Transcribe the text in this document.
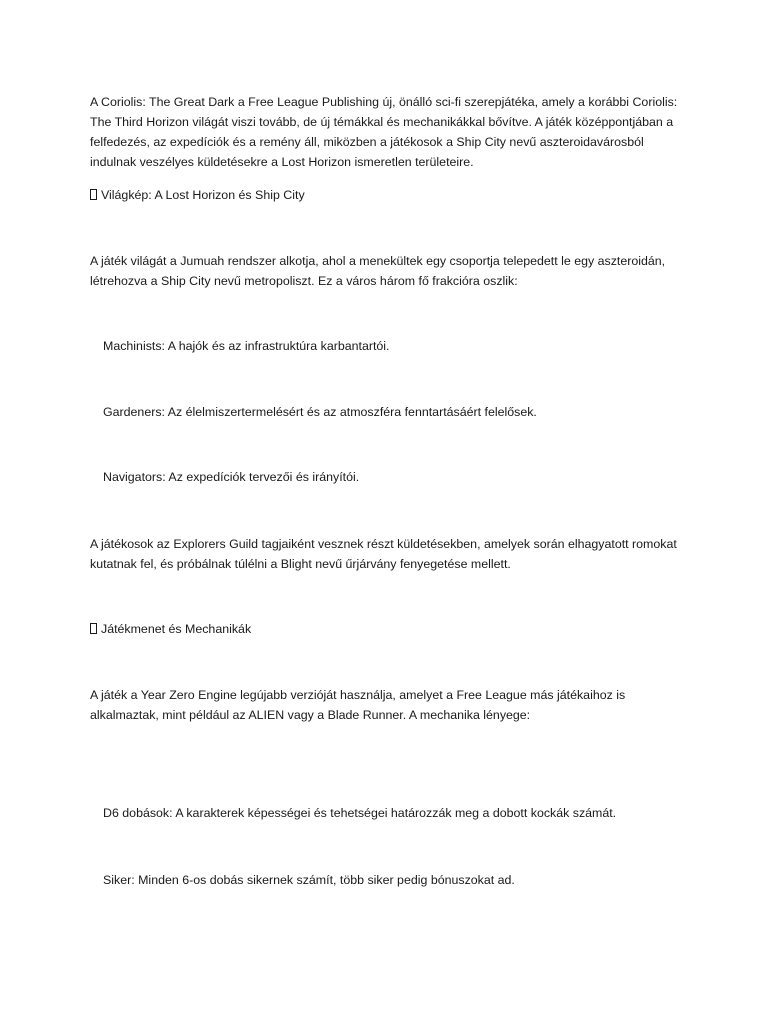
A Coriolis: The Great Dark a Free League Publishing új, önálló sci-fi szerepjátéka, amely a korábbi Coriolis: The Third Horizon világát viszi tovább, de új témákkal és mechanikákkal bővítve. A játék középpontjában a felfedezés, az expedíciók és a remény áll, miközben a játékosok a Ship City nevű aszteroidavárosból indulnak veszélyes küldetésekre a Lost Horizon ismeretlen területeire.

Világkép: A Lost Horizon és Ship City

A játék világát a Jumuah rendszer alkotja, ahol a menekültek egy csoportja telepedett le egy aszteroidán, létrehozva a Ship City nevű metropoliszt. Ez a város három fő frakcióra oszlik:

Machinists: A hajók és az infrastruktúra karbantartói.

Gardeners: Az élelmiszertermelésért és az atmoszféra fenntartásáért felelősek.

Navigators: Az expedíciók tervezői és irányítói.

A játékosok az Explorers Guild tagjaiként vesznek részt küldetésekben, amelyek során elhagyatott romokat kutatnak fel, és próbálnak túlélni a Blight nevű űrjárvány fenyegetése mellett.

Játékmenet és Mechanikák

A játék a Year Zero Engine legújabb verzióját használja, amelyet a Free League más játékaihoz is alkalmaztak, mint például az ALIEN vagy a Blade Runner. A mechanika lényege:

D6 dobások: A karakterek képességei és tehetségei határozzák meg a dobott kockák számát.

Siker: Minden 6-os dobás sikernek számít, több siker pedig bónuszokat ad.
